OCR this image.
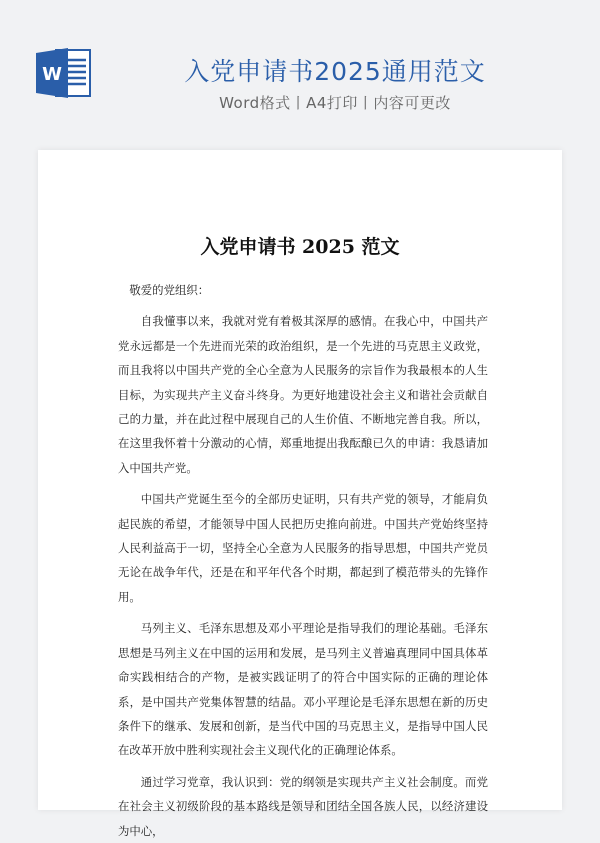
W	入党申请书2025通用范文
Word格式丨A4打印丨内容可更改
入党申请书 2025 范文

敬爱的党组织：

自我懂事以来，我就对党有着极其深厚的感情。在我心中，中国共产党永远都是一个先进而光荣的政治组织，是一个先进的马克思主义政党，而且我将以中国共产党的全心全意为人民服务的宗旨作为我最根本的人生目标，为实现共产主义奋斗终身。为更好地建设社会主义和谐社会贡献自己的力量，并在此过程中展现自己的人生价值、不断地完善自我。所以，在这里我怀着十分激动的心情，郑重地提出我酝酿已久的申请：我恳请加入中国共产党。

中国共产党诞生至今的全部历史证明，只有共产党的领导，才能肩负起民族的希望，才能领导中国人民把历史推向前进。中国共产党始终坚持人民利益高于一切，坚持全心全意为人民服务的指导思想，中国共产党员无论在战争年代，还是在和平年代各个时期，都起到了模范带头的先锋作用。

马列主义、毛泽东思想及邓小平理论是指导我们的理论基础。毛泽东思想是马列主义在中国的运用和发展，是马列主义普遍真理同中国具体革命实践相结合的产物，是被实践证明了的符合中国实际的正确的理论体系，是中国共产党集体智慧的结晶。邓小平理论是毛泽东思想在新的历史条件下的继承、发展和创新，是当代中国的马克思主义，是指导中国人民在改革开放中胜利实现社会主义现代化的正确理论体系。

通过学习党章，我认识到：党的纲领是实现共产主义社会制度。而党在社会主义初级阶段的基本路线是领导和团结全国各族人民，以经济建设为中心，
